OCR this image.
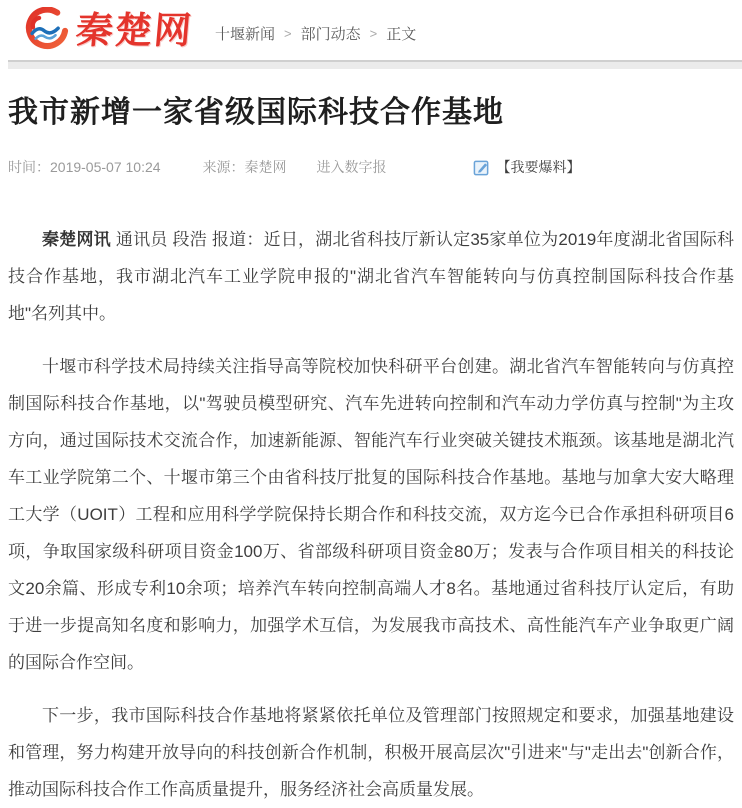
秦楚网 十堰新闻 > 部门动态 > 正文
我市新增一家省级国际科技合作基地
时间：2019-05-07 10:24	来源：秦楚网 进入数字报	【我要爆料】

秦楚网讯 通讯员 段浩 报道：近日，湖北省科技厅新认定35家单位为2019年度湖北省国际科技合作基地，我市湖北汽车工业学院申报的"湖北省汽车智能转向与仿真控制国际科技合作基地"名列其中。

十堰市科学技术局持续关注指导高等院校加快科研平台创建。湖北省汽车智能转向与仿真控制国际科技合作基地，以"驾驶员模型研究、汽车先进转向控制和汽车动力学仿真与控制"为主攻方向，通过国际技术交流合作，加速新能源、智能汽车行业突破关键技术瓶颈。该基地是湖北汽车工业学院第二个、十堰市第三个由省科技厅批复的国际科技合作基地。基地与加拿大安大略理工大学（UOIT）工程和应用科学学院保持长期合作和科技交流，双方迄今已合作承担科研项目6项，争取国家级科研项目资金100万、省部级科研项目资金80万；发表与合作项目相关的科技论文20余篇、形成专利10余项；培养汽车转向控制高端人才8名。基地通过省科技厅认定后，有助于进一步提高知名度和影响力，加强学术互信，为发展我市高技术、高性能汽车产业争取更广阔的国际合作空间。

下一步，我市国际科技合作基地将紧紧依托单位及管理部门按照规定和要求，加强基地建设和管理，努力构建开放导向的科技创新合作机制，积极开展高层次"引进来"与"走出去"创新合作，推动国际科技合作工作高质量提升，服务经济社会高质量发展。
